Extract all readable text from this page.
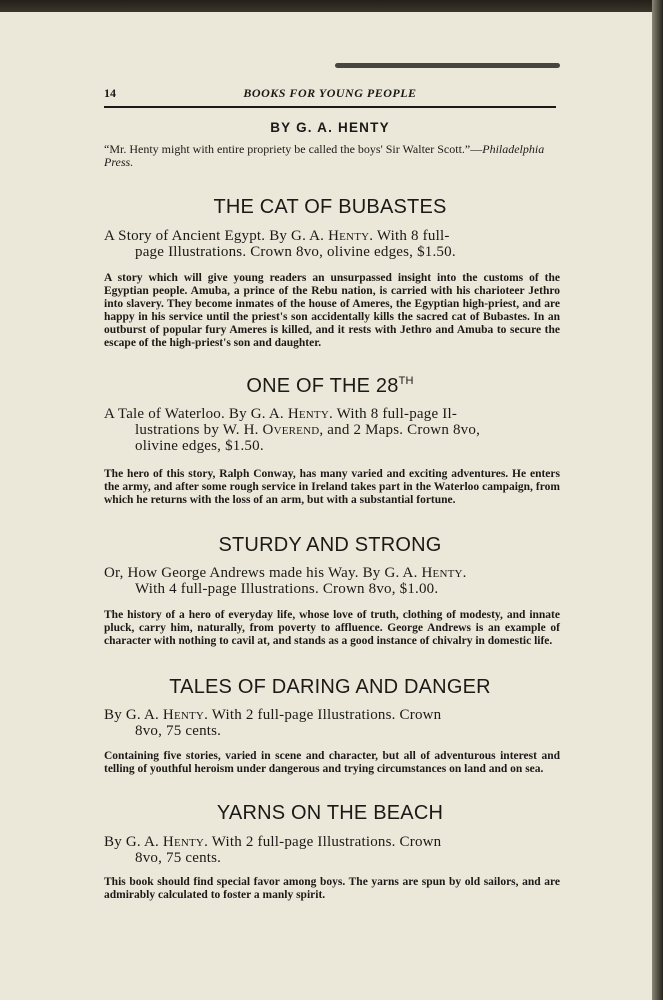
14	BOOKS FOR YOUNG PEOPLE
BY G. A. HENTY
“Mr. Henty might with entire propriety be called the boys' Sir Walter Scott.”—Philadelphia Press.
THE CAT OF BUBASTES
A Story of Ancient Egypt. By G. A. Henty. With 8 full-
page Illustrations. Crown 8vo, olivine edges, $1.50.
A story which will give young readers an unsurpassed insight into the customs of the Egyptian people. Amuba, a prince of the Rebu nation, is carried with his charioteer Jethro into slavery. They become inmates of the house of Ameres, the Egyptian high-priest, and are happy in his service until the priest's son accidentally kills the sacred cat of Bubastes. In an outburst of popular fury Ameres is killed, and it rests with Jethro and Amuba to secure the escape of the high-priest's son and daughter.
ONE OF THE 28TH
A Tale of Waterloo. By G. A. Henty. With 8 full-page Il-
lustrations by W. H. Overend, and 2 Maps. Crown 8vo,
olivine edges, $1.50.
The hero of this story, Ralph Conway, has many varied and exciting adventures. He enters the army, and after some rough service in Ireland takes part in the Waterloo campaign, from which he returns with the loss of an arm, but with a substantial fortune.
STURDY AND STRONG
Or, How George Andrews made his Way. By G. A. Henty.
With 4 full-page Illustrations. Crown 8vo, $1.00.
The history of a hero of everyday life, whose love of truth, clothing of modesty, and innate pluck, carry him, naturally, from poverty to affluence. George Andrews is an example of character with nothing to cavil at, and stands as a good instance of chivalry in domestic life.
TALES OF DARING AND DANGER
By G. A. Henty. With 2 full-page Illustrations. Crown
8vo, 75 cents.
Containing five stories, varied in scene and character, but all of adventurous interest and telling of youthful heroism under dangerous and trying circumstances on land and on sea.
YARNS ON THE BEACH
By G. A. Henty. With 2 full-page Illustrations. Crown
8vo, 75 cents.
This book should find special favor among boys. The yarns are spun by old sailors, and are admirably calculated to foster a manly spirit.
